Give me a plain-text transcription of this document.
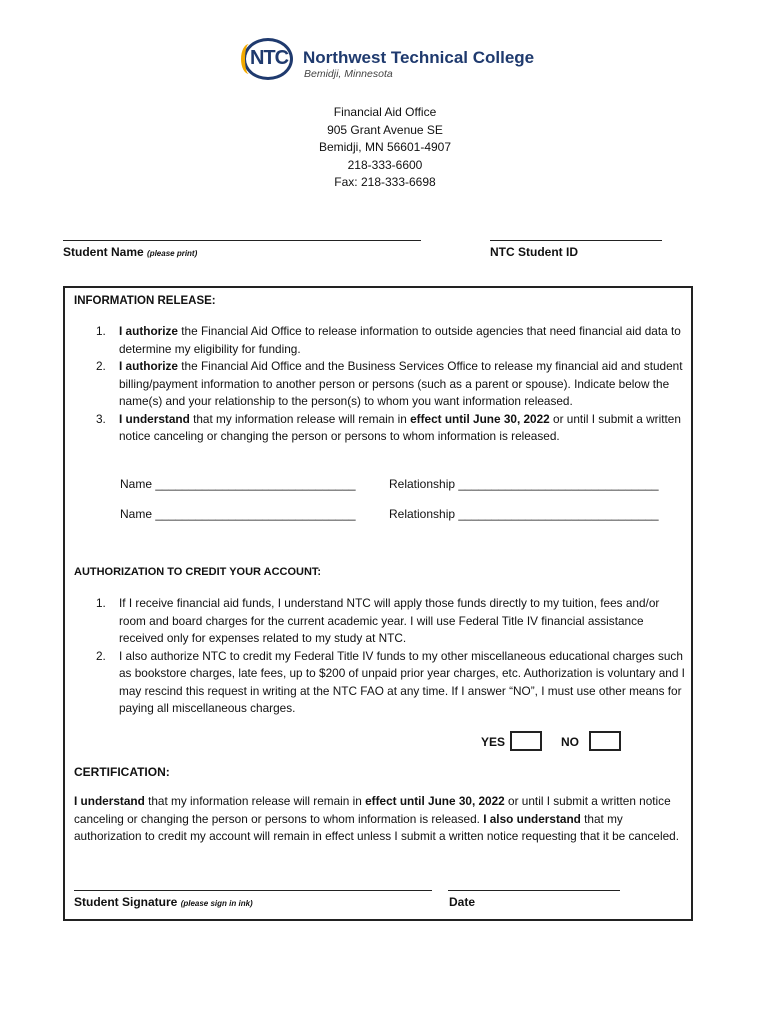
NTC Northwest Technical College
Bemidji, Minnesota
Financial Aid Office
905 Grant Avenue SE
Bemidji, MN 56601-4907
218-333-6600
Fax: 218-333-6698
Student Name (please print)	NTC Student ID
INFORMATION RELEASE:
1. I authorize the Financial Aid Office to release information to outside agencies that need financial aid data to determine my eligibility for funding.
2. I authorize the Financial Aid Office and the Business Services Office to release my financial aid and student billing/payment information to another person or persons (such as a parent or spouse). Indicate below the name(s) and your relationship to the person(s) to whom you want information released.
3. I understand that my information release will remain in effect until June 30, 2022 or until I submit a written notice canceling or changing the person or persons to whom information is released.
Name ______________________________	Relationship ______________________________
Name ______________________________	Relationship ______________________________
AUTHORIZATION TO CREDIT YOUR ACCOUNT:
1. If I receive financial aid funds, I understand NTC will apply those funds directly to my tuition, fees and/or room and board charges for the current academic year. I will use Federal Title IV financial assistance received only for expenses related to my study at NTC.
2. I also authorize NTC to credit my Federal Title IV funds to my other miscellaneous educational charges such as bookstore charges, late fees, up to $200 of unpaid prior year charges, etc. Authorization is voluntary and I may rescind this request in writing at the NTC FAO at any time. If I answer “NO”, I must use other means for paying all miscellaneous charges.
YES	NO
CERTIFICATION:
I understand that my information release will remain in effect until June 30, 2022 or until I submit a written notice canceling or changing the person or persons to whom information is released. I also understand that my authorization to credit my account will remain in effect unless I submit a written notice requesting that it be canceled.
Student Signature (please sign in ink)	Date
